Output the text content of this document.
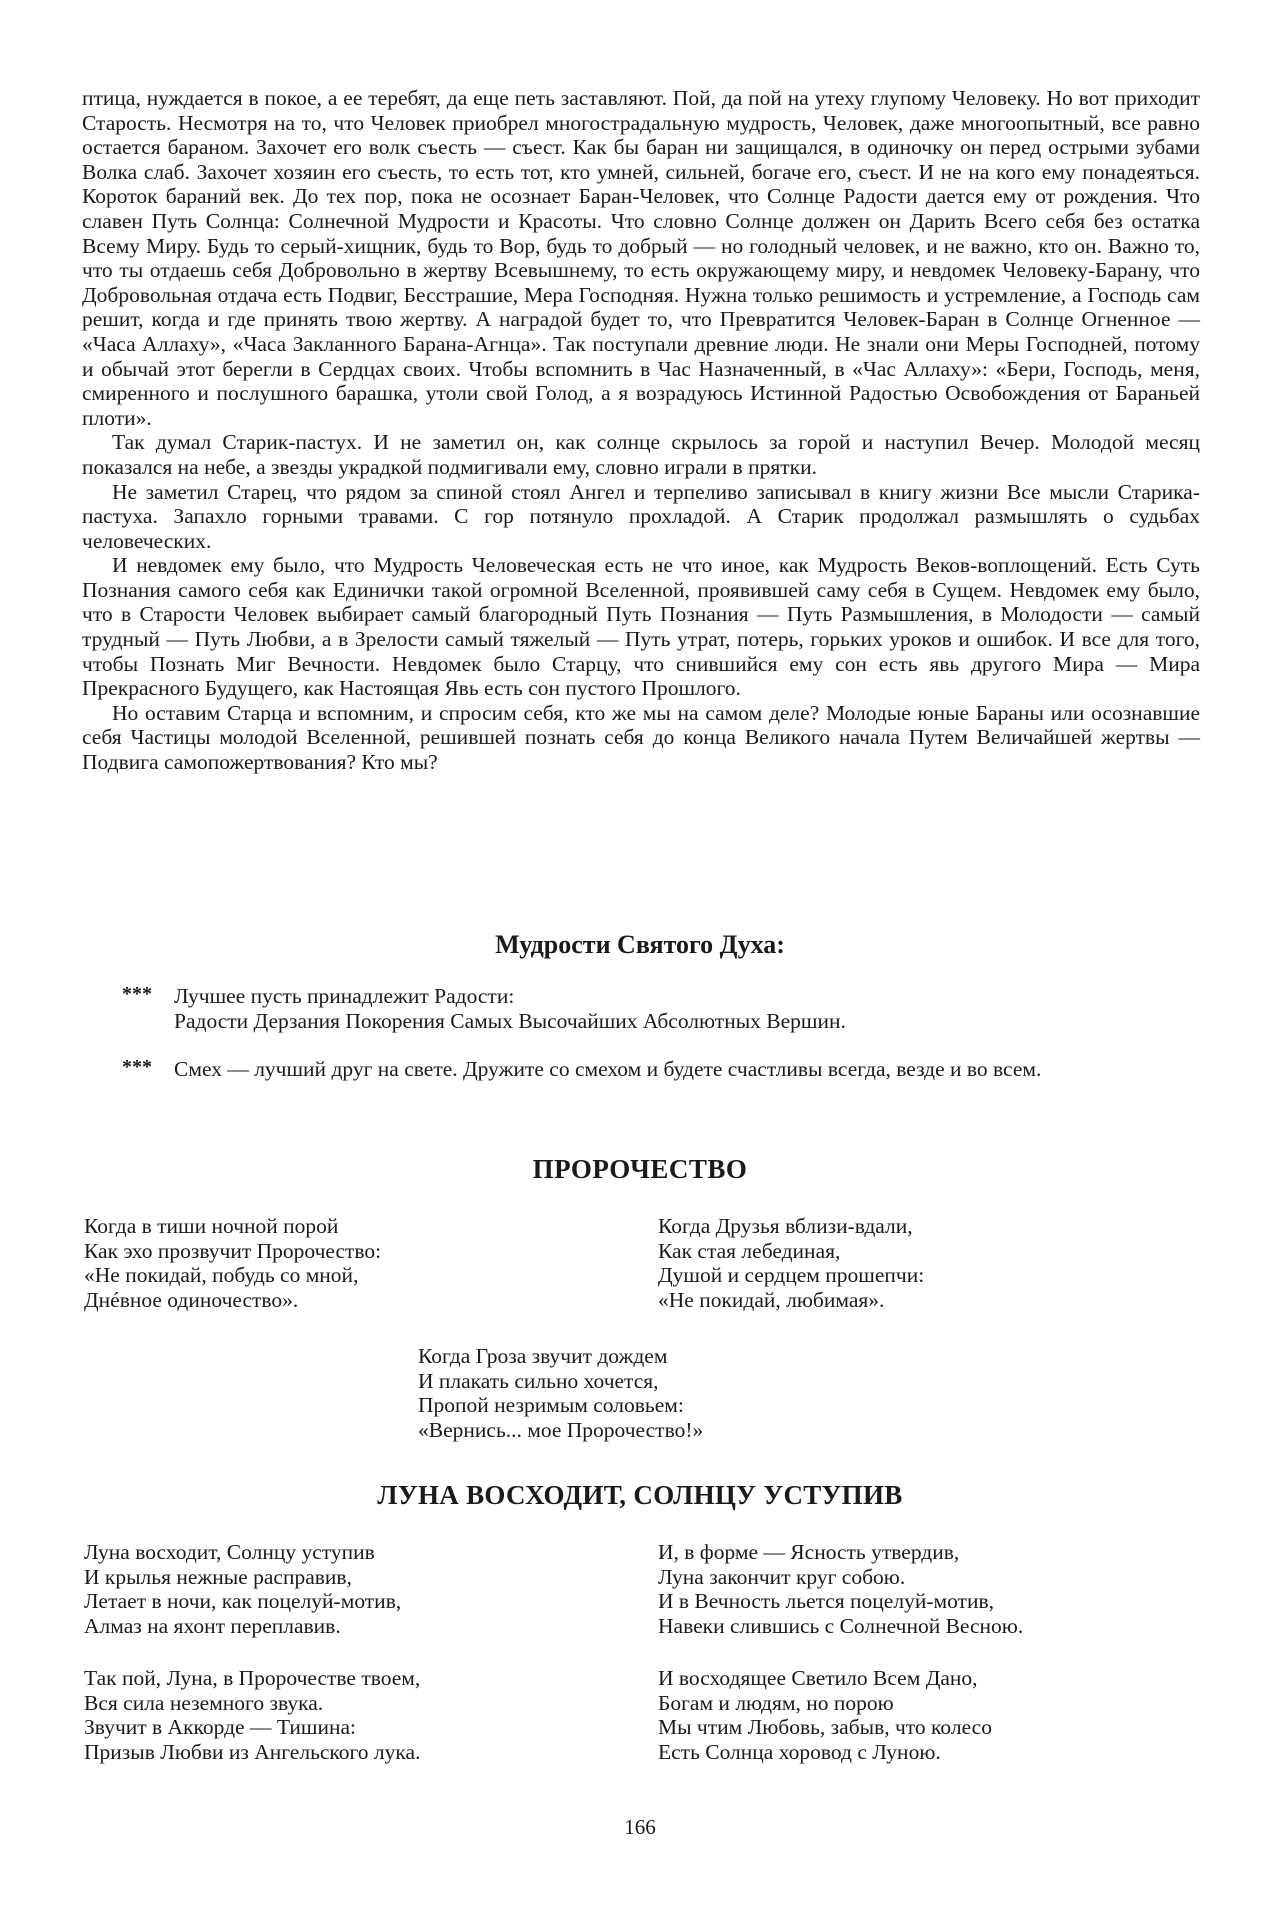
птица, нуждается в покое, а ее теребят, да еще петь заставляют. Пой, да пой на утеху глупому Человеку. Но вот приходит Старость. Несмотря на то, что Человек приобрел многострадальную мудрость, Человек, даже многоопытный, все равно остается бараном. Захочет его волк съесть — съест. Как бы баран ни защищался, в одиночку он перед острыми зубами Волка слаб. Захочет хозяин его съесть, то есть тот, кто умней, сильней, богаче его, съест. И не на кого ему понадеяться. Короток бараний век. До тех пор, пока не осознает Баран-Человек, что Солнце Радости дается ему от рождения. Что славен Путь Солнца: Солнечной Мудрости и Красоты. Что словно Солнце должен он Дарить Всего себя без остатка Всему Миру. Будь то серый-хищник, будь то Вор, будь то добрый — но голодный человек, и не важно, кто он. Важно то, что ты отдаешь себя Добровольно в жертву Всевышнему, то есть окружающему миру, и невдомек Человеку-Барану, что Добровольная отдача есть Подвиг, Бесстрашие, Мера Господняя. Нужна только решимость и устремление, а Господь сам решит, когда и где принять твою жертву. А наградой будет то, что Превратится Человек-Баран в Солнце Огненное — «Часа Аллаху», «Часа Закланного Барана-Агнца». Так поступали древние люди. Не знали они Меры Господней, потому и обычай этот берегли в Сердцах своих. Чтобы вспомнить в Час Назначенный, в «Час Аллаху»: «Бери, Господь, меня, смиренного и послушного барашка, утоли свой Голод, а я возрадуюсь Истинной Радостью Освобождения от Бараньей плоти».

Так думал Старик-пастух. И не заметил он, как солнце скрылось за горой и наступил Вечер. Молодой месяц показался на небе, а звезды украдкой подмигивали ему, словно играли в прятки.

Не заметил Старец, что рядом за спиной стоял Ангел и терпеливо записывал в книгу жизни Все мысли Старика-пастуха. Запахло горными травами. С гор потянуло прохладой. А Старик продолжал размышлять о судьбах человеческих.

И невдомек ему было, что Мудрость Человеческая есть не что иное, как Мудрость Веков-воплощений. Есть Суть Познания самого себя как Единички такой огромной Вселенной, проявившей саму себя в Сущем. Невдомек ему было, что в Старости Человек выбирает самый благородный Путь Познания — Путь Размышления, в Молодости — самый трудный — Путь Любви, а в Зрелости самый тяжелый — Путь утрат, потерь, горьких уроков и ошибок. И все для того, чтобы Познать Миг Вечности. Невдомек было Старцу, что снившийся ему сон есть явь другого Мира — Мира Прекрасного Будущего, как Настоящая Явь есть сон пустого Прошлого.

Но оставим Старца и вспомним, и спросим себя, кто же мы на самом деле? Молодые юные Бараны или осознавшие себя Частицы молодой Вселенной, решившей познать себя до конца Великого начала Путем Величайшей жертвы — Подвига самопожертвования? Кто мы?

Мудрости Святого Духа:
*** Лучшее пусть принадлежит Радости:
Радости Дерзания Покорения Самых Высочайших Абсолютных Вершин.
***	Смех — лучший друг на свете. Дружите со смехом и будете счастливы всегда, везде и во всем.
ПРОРОЧЕСТВО
Когда в тиши ночной порой
Как эхо прозвучит Пророчество:
«Не покидай, побудь со мной,
Днéвное одиночество».
Когда Друзья вблизи-вдали,
Как стая лебединая,
Душой и сердцем прошепчи:
«Не покидай, любимая».
Когда Гроза звучит дождем
И плакать сильно хочется,
Пропой незримым соловьем:
«Вернись... мое Пророчество!»
ЛУНА ВОСХОДИТ, СОЛНЦУ УСТУПИВ
Луна восходит, Солнцу уступив
И крылья нежные расправив,
Летает в ночи, как поцелуй-мотив,
Алмаз на яхонт переплавив.
И, в форме — Ясность утвердив,
Луна закончит круг собою.
И в Вечность льется поцелуй-мотив,
Навеки слившись с Солнечной Весною.
Так пой, Луна, в Пророчестве твоем,
Вся сила неземного звука.
Звучит в Аккорде — Тишина:
Призыв Любви из Ангельского лука.
И восходящее Светило Всем Дано,
Богам и людям, но порою
Мы чтим Любовь, забыв, что колесо
Есть Солнца хоровод с Луною.
166
